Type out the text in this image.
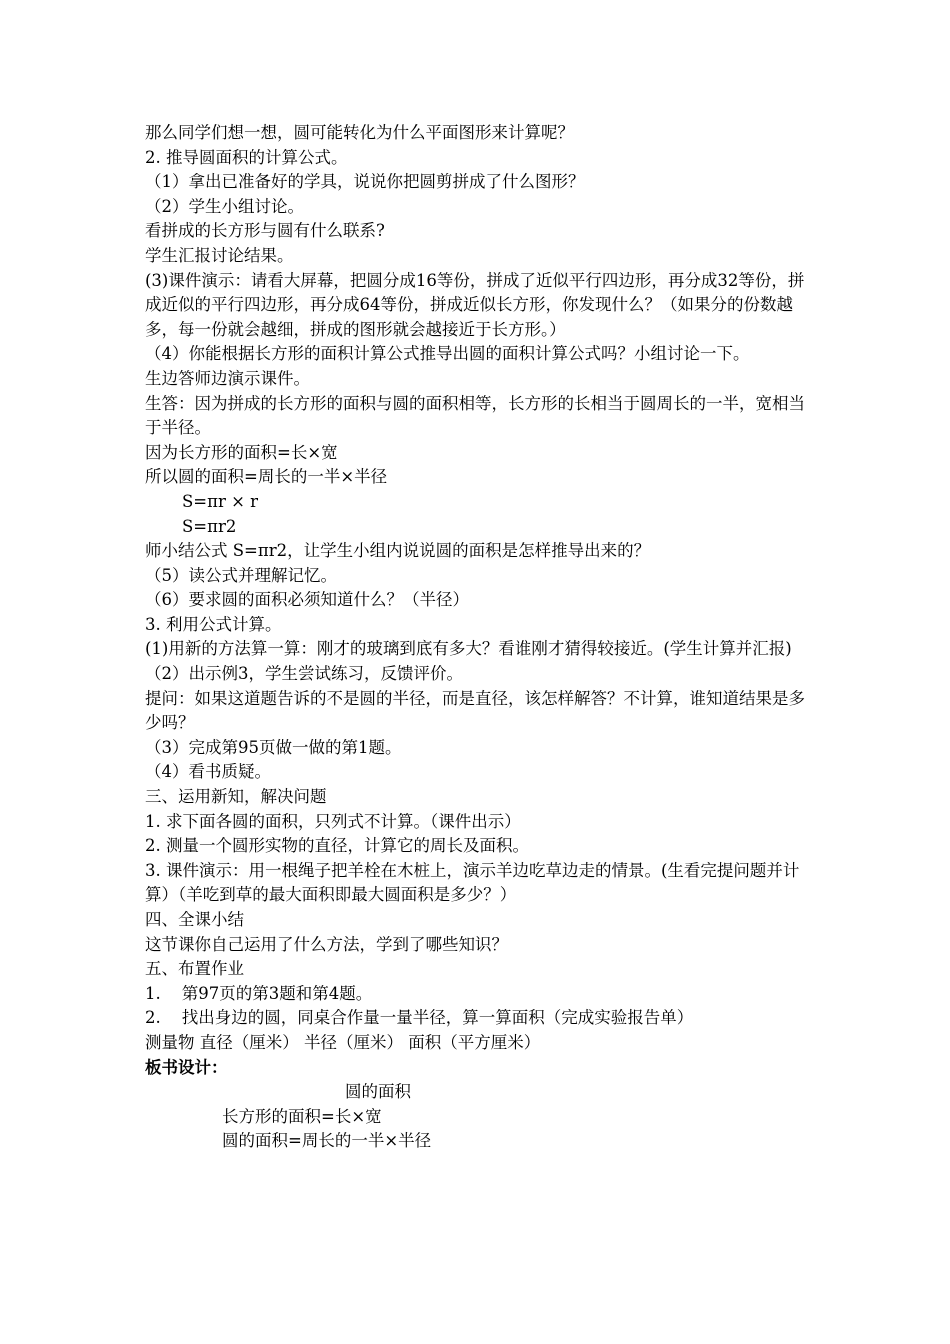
那么同学们想一想，圆可能转化为什么平面图形来计算呢？

2. 推导圆面积的计算公式。

（1）拿出已准备好的学具，说说你把圆剪拼成了什么图形？

（2）学生小组讨论。

看拼成的长方形与圆有什么联系?

学生汇报讨论结果。

(3)课件演示：请看大屏幕，把圆分成16等份，拼成了近似平行四边形，再分成32等份，拼成近似的平行四边形，再分成64等份，拼成近似长方形，你发现什么？（如果分的份数越多，每一份就会越细，拼成的图形就会越接近于长方形。）

（4）你能根据长方形的面积计算公式推导出圆的面积计算公式吗？小组讨论一下。

生边答师边演示课件。

生答：因为拼成的长方形的面积与圆的面积相等，长方形的长相当于圆周长的一半，宽相当于半径。

因为长方形的面积=长×宽

所以圆的面积=周长的一半×半径

S=πr × r

S=πr2

师小结公式 S=πr2，让学生小组内说说圆的面积是怎样推导出来的？

（5）读公式并理解记忆。

（6）要求圆的面积必须知道什么？（半径）

3. 利用公式计算。

(1)用新的方法算一算：刚才的玻璃到底有多大？看谁刚才猜得较接近。(学生计算并汇报)

（2）出示例3，学生尝试练习，反馈评价。

提问：如果这道题告诉的不是圆的半径，而是直径，该怎样解答？不计算，谁知道结果是多少吗？

（3）完成第95页做一做的第1题。

（4）看书质疑。

三、运用新知，解决问题

1. 求下面各圆的面积，只列式不计算。（课件出示）

2. 测量一个圆形实物的直径，计算它的周长及面积。

3. 课件演示：用一根绳子把羊栓在木桩上，演示羊边吃草边走的情景。(生看完提问题并计算）（羊吃到草的最大面积即最大圆面积是多少？）

四、全课小结

这节课你自己运用了什么方法，学到了哪些知识？

五、布置作业

1.    第97页的第3题和第4题。

2.    找出身边的圆，同桌合作量一量半径，算一算面积（完成实验报告单）

测量物 直径（厘米） 半径（厘米） 面积（平方厘米）

板书设计：

圆的面积

长方形的面积=长×宽

圆的面积=周长的一半×半径
